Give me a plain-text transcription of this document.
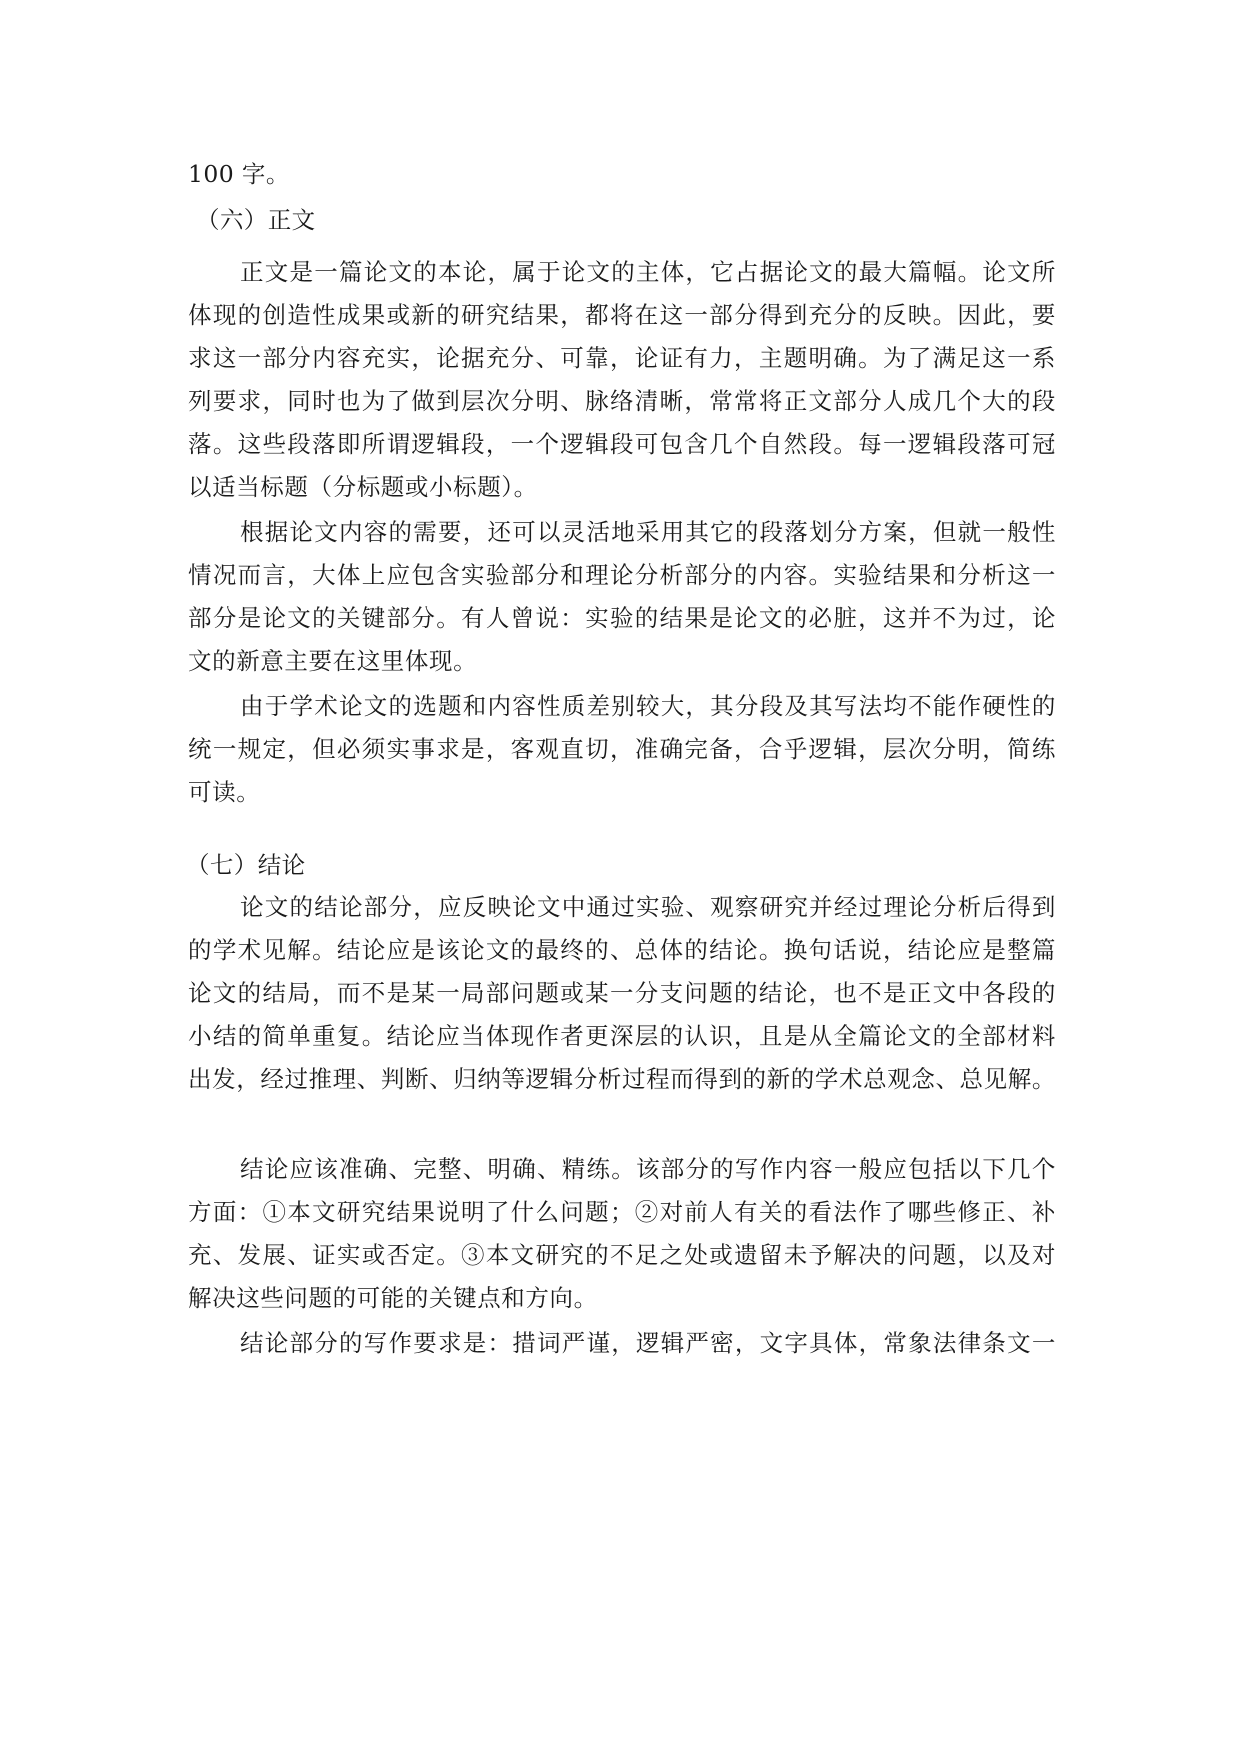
100 字。

（六）正文

正文是一篇论文的本论，属于论文的主体，它占据论文的最大篇幅。论文所

体现的创造性成果或新的研究结果，都将在这一部分得到充分的反映。因此，要

求这一部分内容充实，论据充分、可靠，论证有力，主题明确。为了满足这一系

列要求，同时也为了做到层次分明、脉络清晰，常常将正文部分人成几个大的段

落。这些段落即所谓逻辑段，一个逻辑段可包含几个自然段。每一逻辑段落可冠

以适当标题（分标题或小标题）。

根据论文内容的需要，还可以灵活地采用其它的段落划分方案，但就一般性

情况而言，大体上应包含实验部分和理论分析部分的内容。实验结果和分析这一

部分是论文的关键部分。有人曾说：实验的结果是论文的必脏，这并不为过，论

文的新意主要在这里体现。

由于学术论文的选题和内容性质差别较大，其分段及其写法均不能作硬性的

统一规定，但必须实事求是，客观直切，准确完备，合乎逻辑，层次分明，简练

可读。

（七）结论

论文的结论部分，应反映论文中通过实验、观察研究并经过理论分析后得到

的学术见解。结论应是该论文的最终的、总体的结论。换句话说，结论应是整篇

论文的结局，而不是某一局部问题或某一分支问题的结论，也不是正文中各段的

小结的简单重复。结论应当体现作者更深层的认识，且是从全篇论文的全部材料

出发，经过推理、判断、归纳等逻辑分析过程而得到的新的学术总观念、总见解。

结论应该准确、完整、明确、精练。该部分的写作内容一般应包括以下几个

方面：①本文研究结果说明了什么问题；②对前人有关的看法作了哪些修正、补

充、发展、证实或否定。③本文研究的不足之处或遗留未予解决的问题，以及对

解决这些问题的可能的关键点和方向。

结论部分的写作要求是：措词严谨，逻辑严密，文字具体，常象法律条文一
